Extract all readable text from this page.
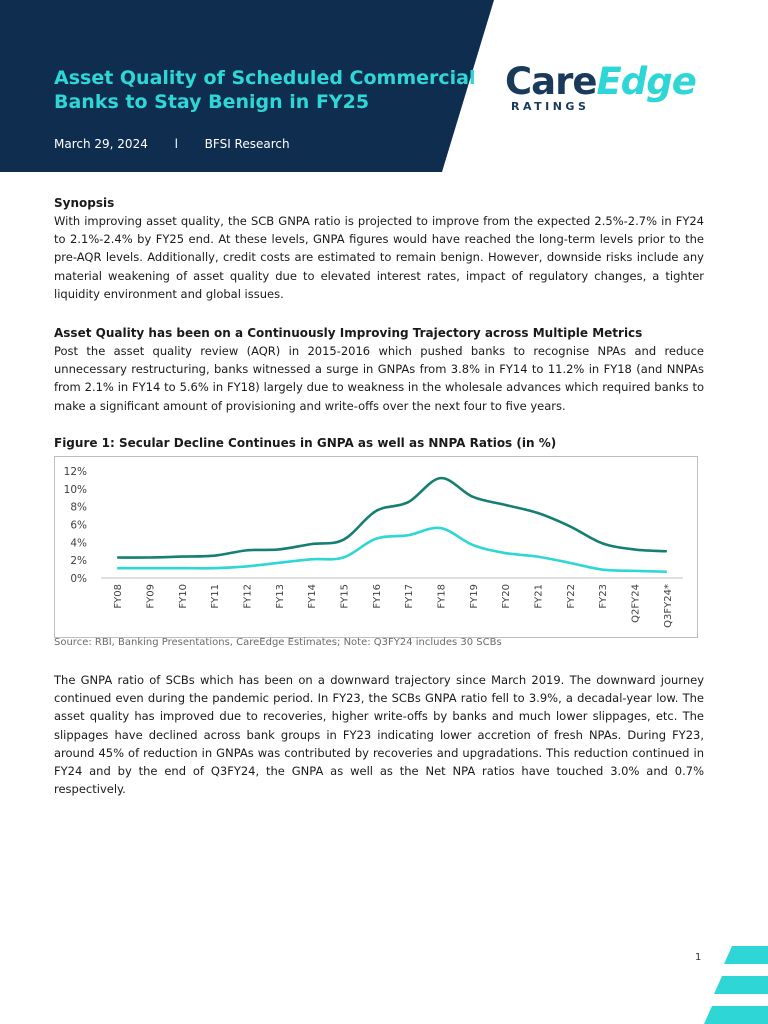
Asset Quality of Scheduled Commercial Banks to Stay Benign in FY25
March 29, 2024 l BFSI Research
CareEdge
RATINGS
Synopsis

With improving asset quality, the SCB GNPA ratio is projected to improve from the expected 2.5%-2.7% in FY24 to 2.1%-2.4% by FY25 end. At these levels, GNPA figures would have reached the long-term levels prior to the pre-AQR levels. Additionally, credit costs are estimated to remain benign. However, downside risks include any material weakening of asset quality due to elevated interest rates, impact of regulatory changes, a tighter liquidity environment and global issues.

Asset Quality has been on a Continuously Improving Trajectory across Multiple Metrics

Post the asset quality review (AQR) in 2015-2016 which pushed banks to recognise NPAs and reduce unnecessary restructuring, banks witnessed a surge in GNPAs from 3.8% in FY14 to 11.2% in FY18 (and NNPAs from 2.1% in FY14 to 5.6% in FY18) largely due to weakness in the wholesale advances which required banks to make a significant amount of provisioning and write-offs over the next four to five years.

Figure 1: Secular Decline Continues in GNPA as well as NNPA Ratios (in %)
12%
10%
8%
6%
4%
2%
0%
FY08 FY09 FY10 FY11 FY12 FY13 FY14 FY15 FY16 FY17 FY18 FY19 FY20 FY21 FY22 FY23 Q2FY24 Q3FY24*
Source: RBI, Banking Presentations, CareEdge Estimates; Note: Q3FY24 includes 30 SCBs

The GNPA ratio of SCBs which has been on a downward trajectory since March 2019. The downward journey continued even during the pandemic period. In FY23, the SCBs GNPA ratio fell to 3.9%, a decadal-year low. The asset quality has improved due to recoveries, higher write-offs by banks and much lower slippages, etc. The slippages have declined across bank groups in FY23 indicating lower accretion of fresh NPAs. During FY23, around 45% of reduction in GNPAs was contributed by recoveries and upgradations. This reduction continued in FY24 and by the end of Q3FY24, the GNPA as well as the Net NPA ratios have touched 3.0% and 0.7% respectively.

1
